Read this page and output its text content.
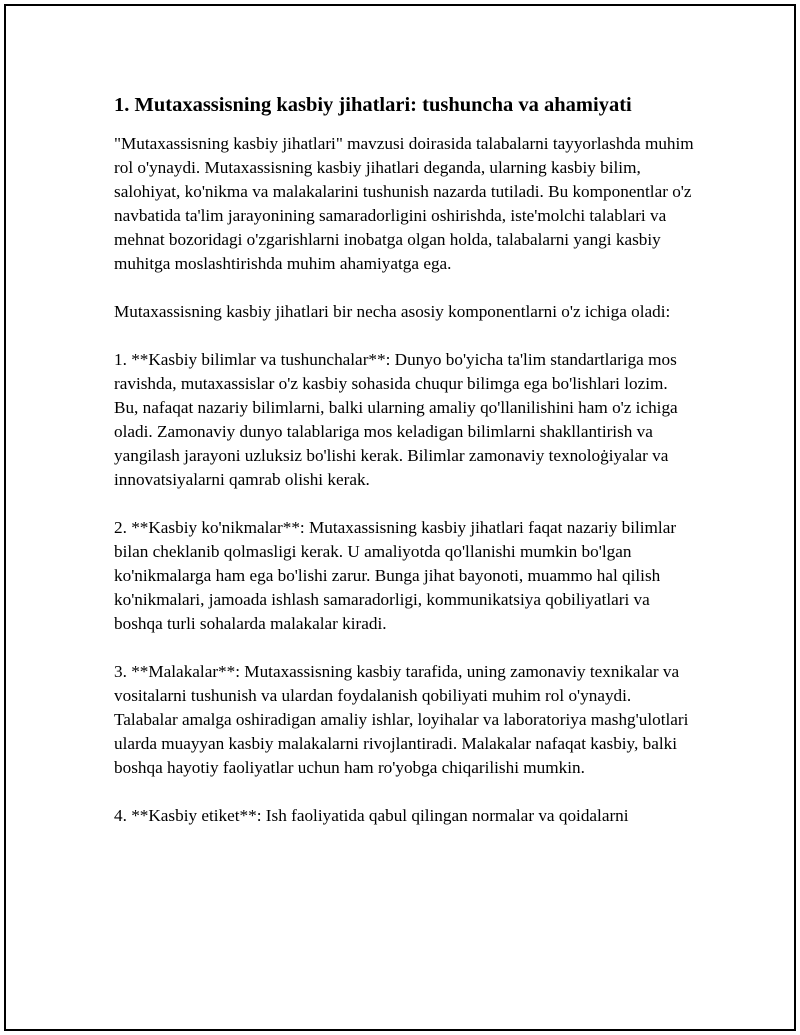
1. Mutaxassisning kasbiy jihatlari: tushuncha va ahamiyati

"Mutaxassisning kasbiy jihatlari" mavzusi doirasida talabalarni tayyorlashda muhim rol o'ynaydi. Mutaxassisning kasbiy jihatlari deganda, ularning kasbiy bilim, salohiyat, ko'nikma va malakalarini tushunish nazarda tutiladi. Bu komponentlar o'z navbatida ta'lim jarayonining samaradorligini oshirishda, iste'molchi talablari va mehnat bozoridagi o'zgarishlarni inobatga olgan holda, talabalarni yangi kasbiy muhitga moslashtirishda muhim ahamiyatga ega.

Mutaxassisning kasbiy jihatlari bir necha asosiy komponentlarni o'z ichiga oladi:

1. **Kasbiy bilimlar va tushunchalar**: Dunyo bo'yicha ta'lim standartlariga mos ravishda, mutaxassislar o'z kasbiy sohasida chuqur bilimga ega bo'lishlari lozim. Bu, nafaqat nazariy bilimlarni, balki ularning amaliy qo'llanilishini ham o'z ichiga oladi. Zamonaviy dunyo talablariga mos keladigan bilimlarni shakllantirish va yangilash jarayoni uzluksiz bo'lishi kerak. Bilimlar zamonaviy texnoloġiyalar va innovatsiyalarni qamrab olishi kerak.

2. **Kasbiy ko'nikmalar**: Mutaxassisning kasbiy jihatlari faqat nazariy bilimlar bilan cheklanib qolmasligi kerak. U amaliyotda qo'llanishi mumkin bo'lgan ko'nikmalarga ham ega bo'lishi zarur. Bunga jihat bayonoti, muammo hal qilish ko'nikmalari, jamoada ishlash samaradorligi, kommunikatsiya qobiliyatlari va boshqa turli sohalarda malakalar kiradi.

3. **Malakalar**: Mutaxassisning kasbiy tarafida, uning zamonaviy texnikalar va vositalarni tushunish va ulardan foydalanish qobiliyati muhim rol o'ynaydi. Talabalar amalga oshiradigan amaliy ishlar, loyihalar va laboratoriya mashg'ulotlari ularda muayyan kasbiy malakalarni rivojlantiradi. Malakalar nafaqat kasbiy, balki boshqa hayotiy faoliyatlar uchun ham ro'yobga chiqarilishi mumkin.

4. **Kasbiy etiket**: Ish faoliyatida qabul qilingan normalar va qoidalarni
